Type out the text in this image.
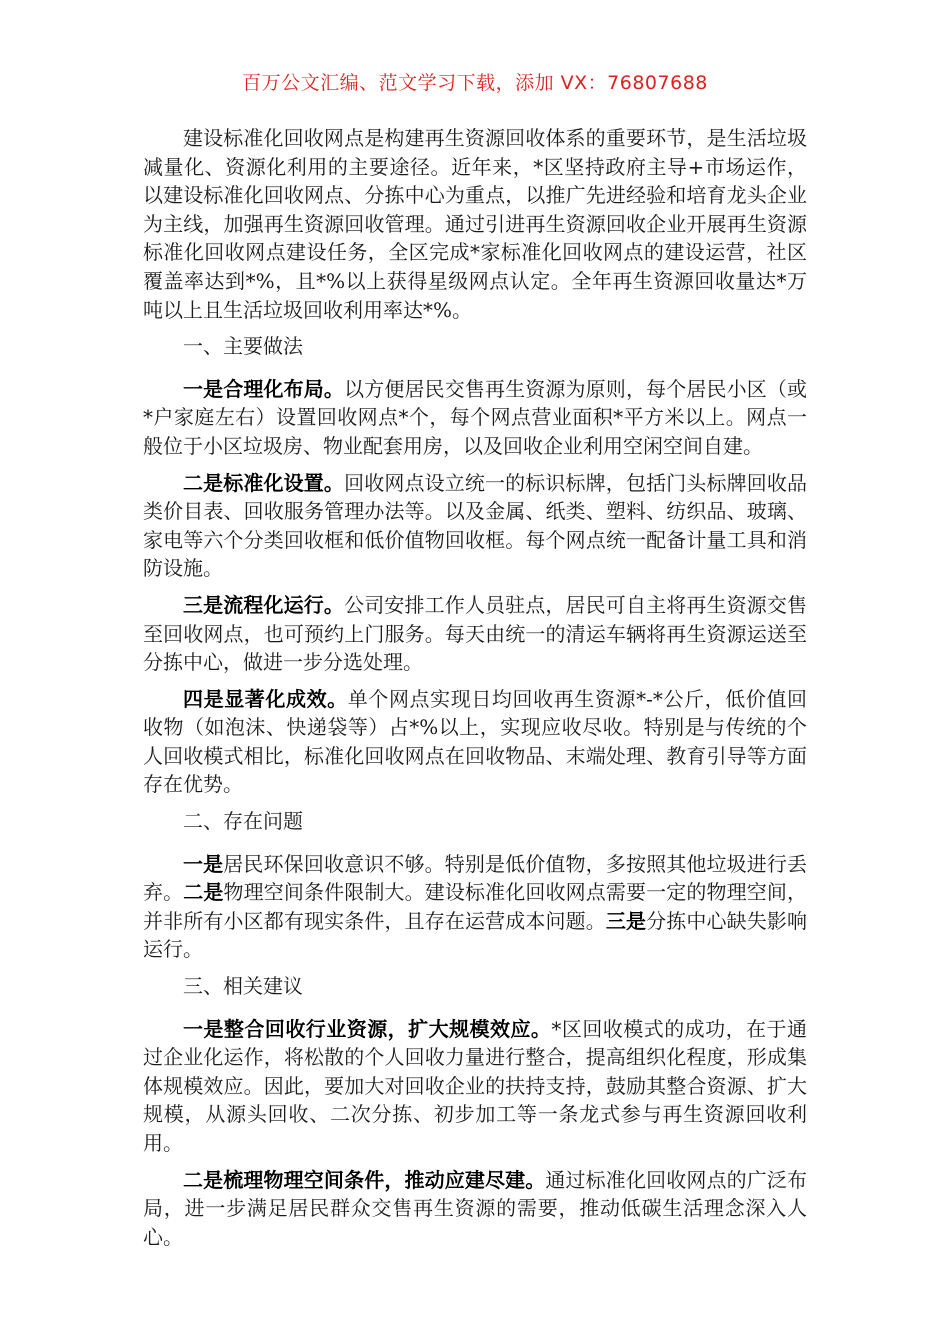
百万公文汇编、范文学习下载，添加 VX：76807688

建设标准化回收网点是构建再生资源回收体系的重要环节，是生活垃圾减量化、资源化利用的主要途径。近年来，*区坚持政府主导+市场运作，以建设标准化回收网点、分拣中心为重点，以推广先进经验和培育龙头企业为主线，加强再生资源回收管理。通过引进再生资源回收企业开展再生资源标准化回收网点建设任务，全区完成*家标准化回收网点的建设运营，社区覆盖率达到*%，且*%以上获得星级网点认定。全年再生资源回收量达*万吨以上且生活垃圾回收利用率达*%。

一、主要做法

一是合理化布局。以方便居民交售再生资源为原则，每个居民小区（或*户家庭左右）设置回收网点*个，每个网点营业面积*平方米以上。网点一般位于小区垃圾房、物业配套用房，以及回收企业利用空闲空间自建。

二是标准化设置。回收网点设立统一的标识标牌，包括门头标牌回收品类价目表、回收服务管理办法等。以及金属、纸类、塑料、纺织品、玻璃、家电等六个分类回收框和低价值物回收框。每个网点统一配备计量工具和消防设施。

三是流程化运行。公司安排工作人员驻点，居民可自主将再生资源交售至回收网点，也可预约上门服务。每天由统一的清运车辆将再生资源运送至分拣中心，做进一步分选处理。

四是显著化成效。单个网点实现日均回收再生资源*-*公斤，低价值回收物（如泡沫、快递袋等）占*%以上，实现应收尽收。特别是与传统的个人回收模式相比，标准化回收网点在回收物品、末端处理、教育引导等方面存在优势。

二、存在问题

一是居民环保回收意识不够。特别是低价值物，多按照其他垃圾进行丢弃。二是物理空间条件限制大。建设标准化回收网点需要一定的物理空间，并非所有小区都有现实条件，且存在运营成本问题。三是分拣中心缺失影响运行。

三、相关建议

一是整合回收行业资源，扩大规模效应。*区回收模式的成功，在于通过企业化运作，将松散的个人回收力量进行整合，提高组织化程度，形成集体规模效应。因此，要加大对回收企业的扶持支持，鼓励其整合资源、扩大规模，从源头回收、二次分拣、初步加工等一条龙式参与再生资源回收利用。

二是梳理物理空间条件，推动应建尽建。通过标准化回收网点的广泛布局，进一步满足居民群众交售再生资源的需要，推动低碳生活理念深入人心。
